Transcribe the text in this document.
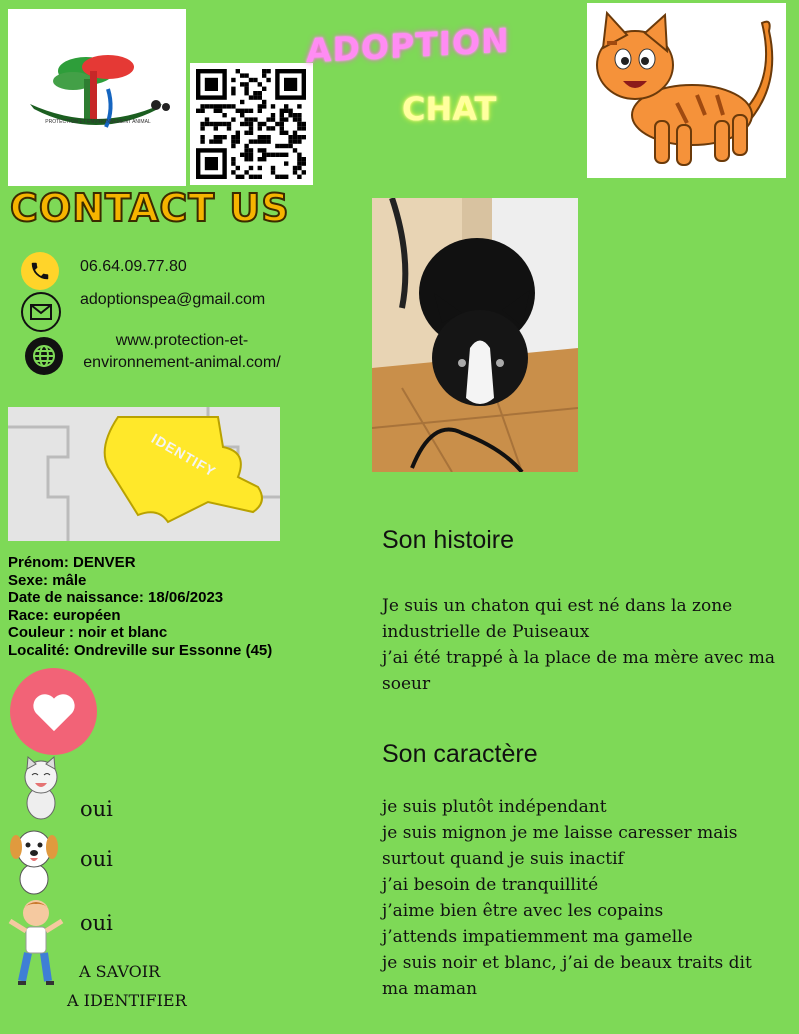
PROTECTION ET ENVIRONNEMENT ANIMAL
ADOPTION
CHAT
CONTACT US
06.64.09.77.80
adoptionspea@gmail.com
www.protection-et-
environnement-animal.com/
IDENTIFY
Prénom: DENVER
Sexe: mâle
Date de naissance: 18/06/2023
Race: européen
Couleur : noir et blanc
Localité: Ondreville sur Essonne (45)
oui
oui
oui
A SAVOIR
A IDENTIFIER
Son histoire
Je suis un chaton qui est né dans la zone
industrielle de Puiseaux
j’ai été trappé à la place de ma mère avec ma
soeur
Son caractère
je suis plutôt indépendant
je suis mignon je me laisse caresser mais
surtout quand je suis inactif
j’ai besoin de tranquillité
j’aime bien être avec les copains
j’attends impatiemment ma gamelle
je suis noir et blanc, j’ai de beaux traits dit
ma maman
